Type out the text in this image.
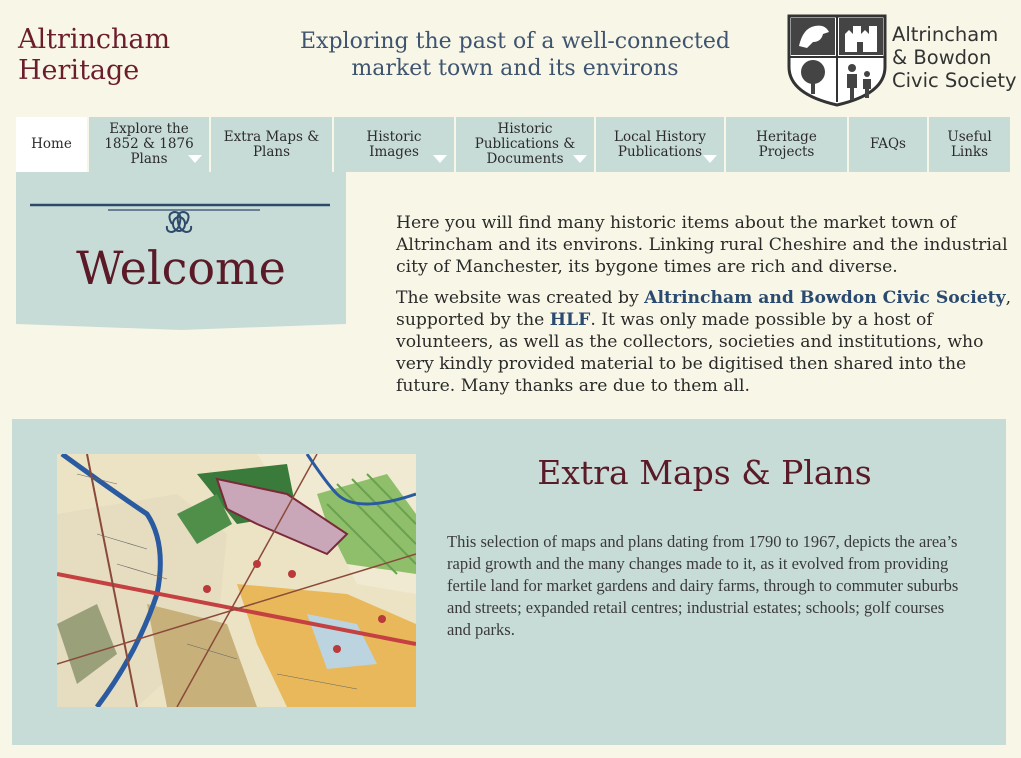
Altrincham
Heritage
Exploring the past of a well-connected
market town and its environs
Altrincham
& Bowdon
Civic Society
Home
Explore the
1852 & 1876
Plans
Extra Maps &
Plans
Historic
Images
Historic
Publications &
Documents
Local History
Publications
Heritage
Projects	FAQs	Useful
Links
Welcome

Here you will find many historic items about the market town of Altrincham and its environs. Linking rural Cheshire and the industrial city of Manchester, its bygone times are rich and diverse.

The website was created by Altrincham and Bowdon Civic Society, supported by the HLF. It was only made possible by a host of volunteers, as well as the collectors, societies and institutions, who very kindly provided material to be digitised then shared into the future. Many thanks are due to them all.

Extra Maps & Plans

This selection of maps and plans dating from 1790 to 1967, depicts the area’s rapid growth and the many changes made to it, as it evolved from providing fertile land for market gardens and dairy farms, through to commuter suburbs and streets; expanded retail centres; industrial estates; schools; golf courses and parks.
